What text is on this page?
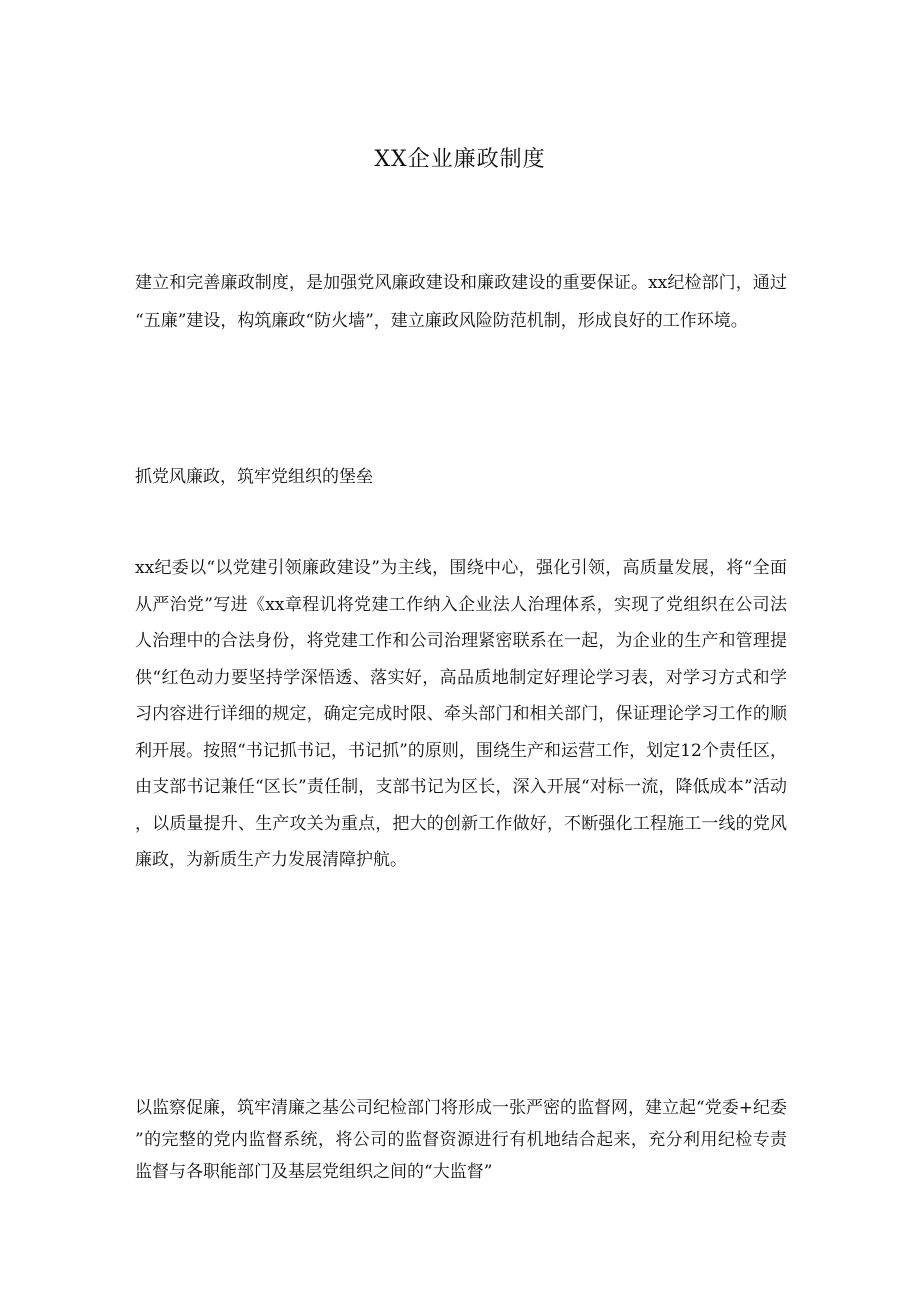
XX企业廉政制度

建立和完善廉政制度，是加强党风廉政建设和廉政建设的重要保证。xx纪检部门，通过“五廉”建设，构筑廉政“防火墙”，建立廉政风险防范机制，形成良好的工作环境。

抓党风廉政，筑牢党组织的堡垒

xx纪委以“以党建引领廉政建设”为主线，围绕中心，强化引领，高质量发展，将“全面从严治党”写进《xx章程讥将党建工作纳入企业法人治理体系，实现了党组织在公司法人治理中的合法身份，将党建工作和公司治理紧密联系在一起，为企业的生产和管理提供“红色动力要坚持学深悟透、落实好，高品质地制定好理论学习表，对学习方式和学习内容进行详细的规定，确定完成时限、牵头部门和相关部门，保证理论学习工作的顺利开展。按照“书记抓书记，书记抓”的原则，围绕生产和运营工作，划定12个责任区，由支部书记兼任“区长”责任制，支部书记为区长，深入开展“对标一流，降低成本”活动，以质量提升、生产攻关为重点，把大的创新工作做好，不断强化工程施工一线的党风廉政，为新质生产力发展清障护航。

以监察促廉，筑牢清廉之基公司纪检部门将形成一张严密的监督网，建立起“党委+纪委”的完整的党内监督系统，将公司的监督资源进行有机地结合起来，充分利用纪检专责监督与各职能部门及基层党组织之间的“大监督”
